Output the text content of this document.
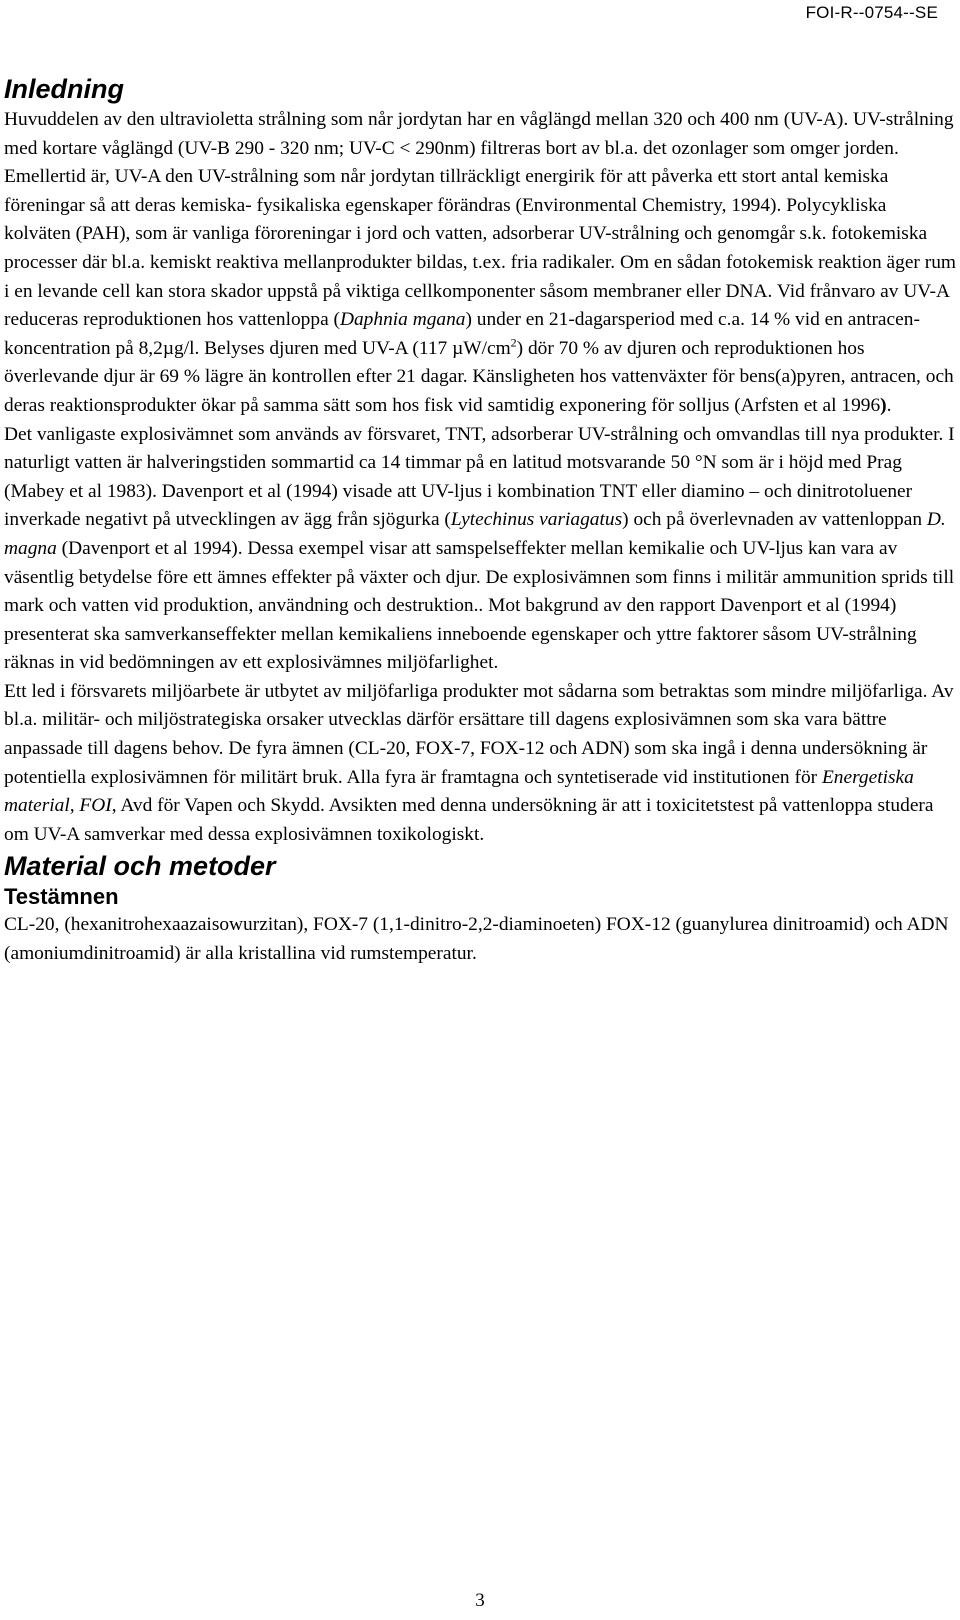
FOI-R--0754--SE
Inledning

Huvuddelen av den ultravioletta strålning som når jordytan har en våglängd mellan 320 och 400 nm (UV-A). UV-strålning med kortare våglängd (UV-B 290 - 320 nm; UV-C < 290nm) filtreras bort av bl.a. det ozonlager som omger jorden. Emellertid är, UV-A den UV-strålning som når jordytan tillräckligt energirik för att påverka ett stort antal kemiska föreningar så att deras kemiska- fysikaliska egenskaper förändras (Environmental Chemistry, 1994). Polycykliska kolväten (PAH), som är vanliga föroreningar i jord och vatten, adsorberar UV-strålning och genomgår s.k. fotokemiska processer där bl.a. kemiskt reaktiva mellanprodukter bildas, t.ex. fria radikaler. Om en sådan fotokemisk reaktion äger rum i en levande cell kan stora skador uppstå på viktiga cellkomponenter såsom membraner eller DNA. Vid frånvaro av UV-A reduceras reproduktionen hos vattenloppa (Daphnia mgana) under en 21-dagarsperiod med c.a. 14 % vid en antracen-koncentration på 8,2µg/l. Belyses djuren med UV-A (117 $\mu W/cm^2$) dör 70 % av djuren och reproduktionen hos överlevande djur är 69 % lägre än kontrollen efter 21 dagar. Känsligheten hos vattenväxter för bens(a)pyren, antracen, och deras reaktionsprodukter ökar på samma sätt som hos fisk vid samtidig exponering för solljus (Arfsten et al 1996).

Det vanligaste explosivämnet som används av försvaret, TNT, adsorberar UV-strålning och omvandlas till nya produkter. I naturligt vatten är halveringstiden sommartid ca 14 timmar på en latitud motsvarande 50 °N som är i höjd med Prag (Mabey et al 1983). Davenport et al (1994) visade att UV-ljus i kombination TNT eller diamino – och dinitrotoluener inverkade negativt på utvecklingen av ägg från sjögurka (Lytechinus variagatus) och på överlevnaden av vattenloppan D. magna (Davenport et al 1994). Dessa exempel visar att samspelseffekter mellan kemikalie och UV-ljus kan vara av väsentlig betydelse före ett ämnes effekter på växter och djur. De explosivämnen som finns i militär ammunition sprids till mark och vatten vid produktion, användning och destruktion.. Mot bakgrund av den rapport Davenport et al (1994) presenterat ska samverkanseffekter mellan kemikaliens inneboende egenskaper och yttre faktorer såsom UV-strålning räknas in vid bedömningen av ett explosivämnes miljöfarlighet.

Ett led i försvarets miljöarbete är utbytet av miljöfarliga produkter mot sådarna som betraktas som mindre miljöfarliga. Av bl.a. militär- och miljöstrategiska orsaker utvecklas därför ersättare till dagens explosivämnen som ska vara bättre anpassade till dagens behov. De fyra ämnen (CL-20, FOX-7, FOX-12 och ADN) som ska ingå i denna undersökning är potentiella explosivämnen för militärt bruk. Alla fyra är framtagna och syntetiserade vid institutionen för Energetiska material, FOI, Avd för Vapen och Skydd. Avsikten med denna undersökning är att i toxicitetstest på vattenloppa studera om UV-A samverkar med dessa explosivämnen toxikologiskt.

Material och metoder
Testämnen

CL-20, (hexanitrohexaazaisowurzitan), FOX-7 (1,1-dinitro-2,2-diaminoeten) FOX-12 (guanylurea dinitroamid) och ADN (amoniumdinitroamid) är alla kristallina vid rumstemperatur.

3
